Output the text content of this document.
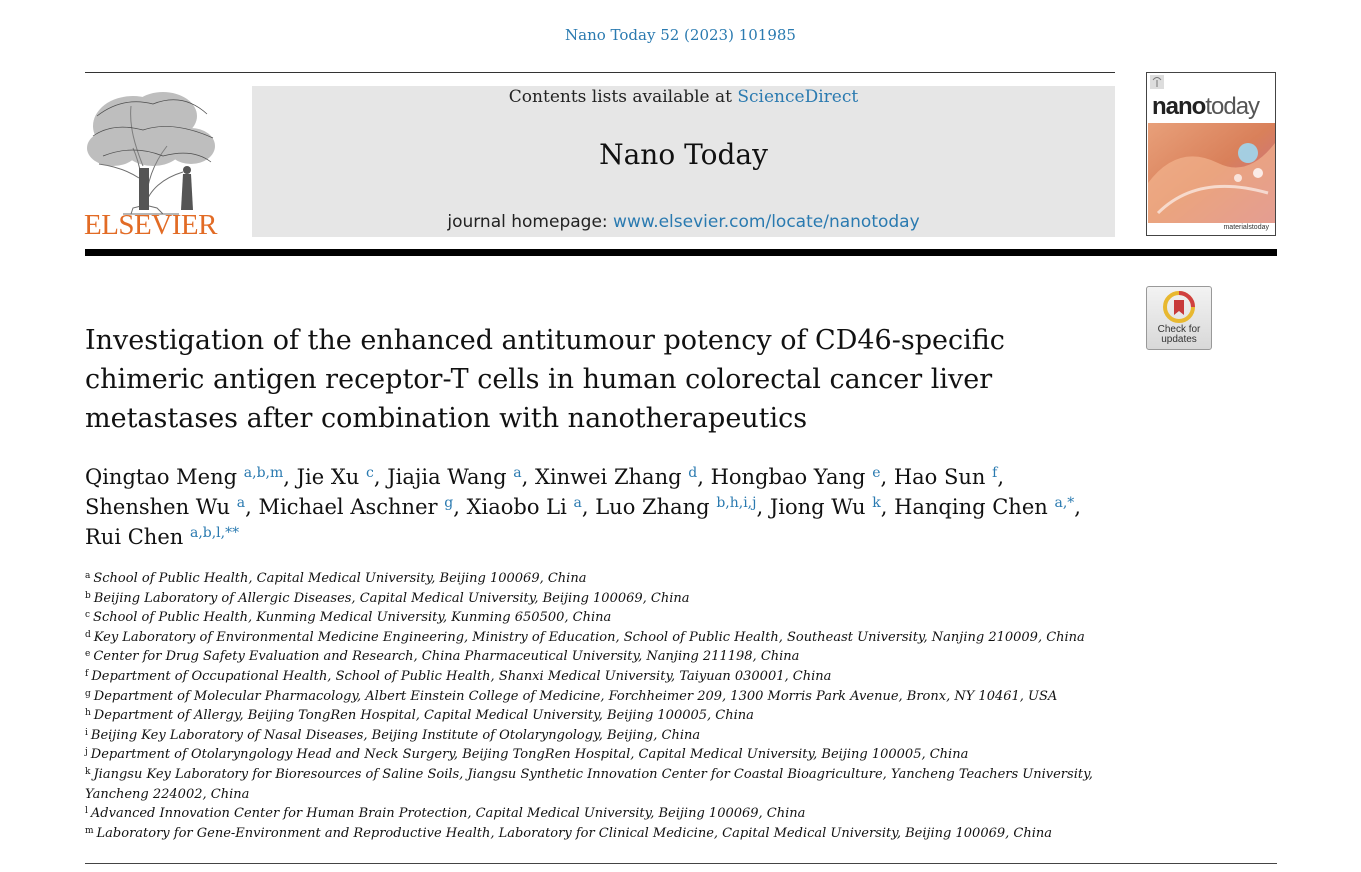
Nano Today 52 (2023) 101985
ELSEVIER
Contents lists available at ScienceDirect
Nano Today
journal homepage: www.elsevier.com/locate/nanotoday
nanotoday
materialstoday
Check for
updates
Investigation of the enhanced antitumour potency of CD46-specific chimeric antigen receptor-T cells in human colorectal cancer liver metastases after combination with nanotherapeutics
Qingtao Meng $^{a,b,m}$, Jie Xu $^c$, Jiajia Wang $^a$, Xinwei Zhang $^d$, Hongbao Yang $^e$, Hao Sun $^f$,
Shenshen Wu $^a$, Michael Aschner $^g$, Xiaobo Li $^a$, Luo Zhang $^{b,h,i,j}$, Jiong Wu $^k$, Hanqing Chen $^{a,*}$,
Rui Chen $^{a,b,l,**}$
$^a$ School of Public Health, Capital Medical University, Beijing 100069, China
$^b$ Beijing Laboratory of Allergic Diseases, Capital Medical University, Beijing 100069, China
$^c$ School of Public Health, Kunming Medical University, Kunming 650500, China
$^d$ Key Laboratory of Environmental Medicine Engineering, Ministry of Education, School of Public Health, Southeast University, Nanjing 210009, China
$^e$ Center for Drug Safety Evaluation and Research, China Pharmaceutical University, Nanjing 211198, China
$^f$ Department of Occupational Health, School of Public Health, Shanxi Medical University, Taiyuan 030001, China
$^g$ Department of Molecular Pharmacology, Albert Einstein College of Medicine, Forchheimer 209, 1300 Morris Park Avenue, Bronx, NY 10461, USA
$^h$ Department of Allergy, Beijing TongRen Hospital, Capital Medical University, Beijing 100005, China
$^i$ Beijing Key Laboratory of Nasal Diseases, Beijing Institute of Otolaryngology, Beijing, China
$^j$ Department of Otolaryngology Head and Neck Surgery, Beijing TongRen Hospital, Capital Medical University, Beijing 100005, China
$^k$ Jiangsu Key Laboratory for Bioresources of Saline Soils, Jiangsu Synthetic Innovation Center for Coastal Bioagriculture, Yancheng Teachers University, Yancheng 224002, China
$^l$ Advanced Innovation Center for Human Brain Protection, Capital Medical University, Beijing 100069, China
$^m$ Laboratory for Gene-Environment and Reproductive Health, Laboratory for Clinical Medicine, Capital Medical University, Beijing 100069, China
